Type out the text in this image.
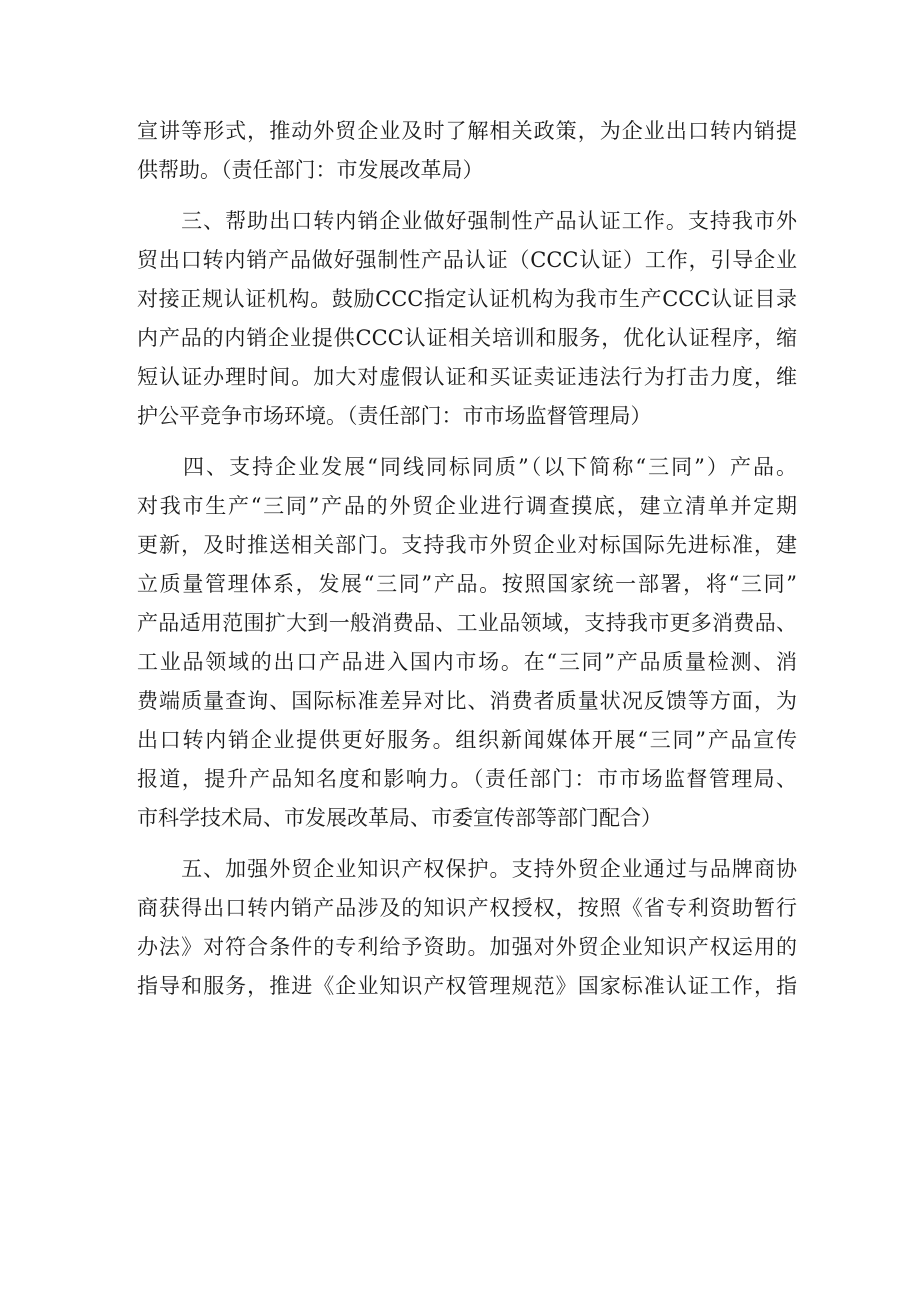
宣讲等形式，推动外贸企业及时了解相关政策，为企业出口转内销提
供帮助。（责任部门：市发展改革局）
　　三、帮助出口转内销企业做好强制性产品认证工作。支持我市外
贸出口转内销产品做好强制性产品认证（CCC认证）工作，引导企业
对接正规认证机构。鼓励CCC指定认证机构为我市生产CCC认证目录
内产品的内销企业提供CCC认证相关培训和服务，优化认证程序，缩
短认证办理时间。加大对虚假认证和买证卖证违法行为打击力度，维
护公平竞争市场环境。（责任部门：市市场监督管理局）
　　四、支持企业发展“同线同标同质”（以下简称“三同”）产品。
对我市生产“三同”产品的外贸企业进行调查摸底，建立清单并定期
更新，及时推送相关部门。支持我市外贸企业对标国际先进标准，建
立质量管理体系，发展“三同”产品。按照国家统一部署，将“三同”
产品适用范围扩大到一般消费品、工业品领域，支持我市更多消费品、
工业品领域的出口产品进入国内市场。在“三同”产品质量检测、消
费端质量查询、国际标准差异对比、消费者质量状况反馈等方面，为
出口转内销企业提供更好服务。组织新闻媒体开展“三同”产品宣传
报道，提升产品知名度和影响力。（责任部门：市市场监督管理局、
市科学技术局、市发展改革局、市委宣传部等部门配合）
　　五、加强外贸企业知识产权保护。支持外贸企业通过与品牌商协
商获得出口转内销产品涉及的知识产权授权，按照《省专利资助暂行
办法》对符合条件的专利给予资助。加强对外贸企业知识产权运用的
指导和服务，推进《企业知识产权管理规范》国家标准认证工作，指
